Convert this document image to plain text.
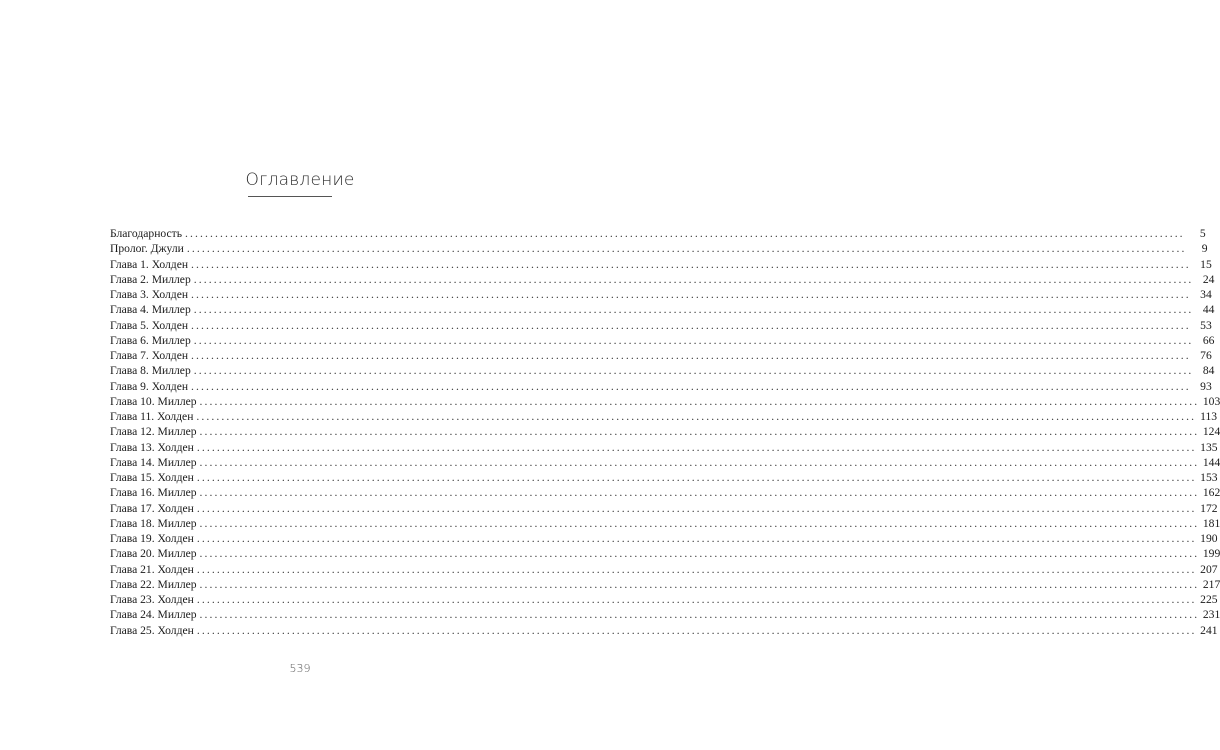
Оглавление
Благодарность ........................................................................................................................................................................................................	5
Пролог. Джули ........................................................................................................................................................................................................	9
Глава 1. Холден ........................................................................................................................................................................................................ 15
Глава 2. Миллер ........................................................................................................................................................................................................ 24
Глава 3. Холден ........................................................................................................................................................................................................ 34
Глава 4. Миллер ........................................................................................................................................................................................................ 44
Глава 5. Холден ........................................................................................................................................................................................................ 53
Глава 6. Миллер ........................................................................................................................................................................................................ 66
Глава 7. Холден ........................................................................................................................................................................................................ 76
Глава 8. Миллер ........................................................................................................................................................................................................ 84
Глава 9. Холден ........................................................................................................................................................................................................ 93
Глава 10. Миллер ........................................................................................................................................................................................................ 103
Глава 11. Холден ........................................................................................................................................................................................................ 113
Глава 12. Миллер ........................................................................................................................................................................................................ 124
Глава 13. Холден ........................................................................................................................................................................................................ 135
Глава 14. Миллер ........................................................................................................................................................................................................ 144
Глава 15. Холден ........................................................................................................................................................................................................ 153
Глава 16. Миллер ........................................................................................................................................................................................................ 162
Глава 17. Холден ........................................................................................................................................................................................................ 172
Глава 18. Миллер ........................................................................................................................................................................................................ 181
Глава 19. Холден ........................................................................................................................................................................................................ 190
Глава 20. Миллер ........................................................................................................................................................................................................ 199
Глава 21. Холден ........................................................................................................................................................................................................ 207
Глава 22. Миллер ........................................................................................................................................................................................................ 217
Глава 23. Холден ........................................................................................................................................................................................................ 225
Глава 24. Миллер ........................................................................................................................................................................................................ 231
Глава 25. Холден ........................................................................................................................................................................................................ 241
539
